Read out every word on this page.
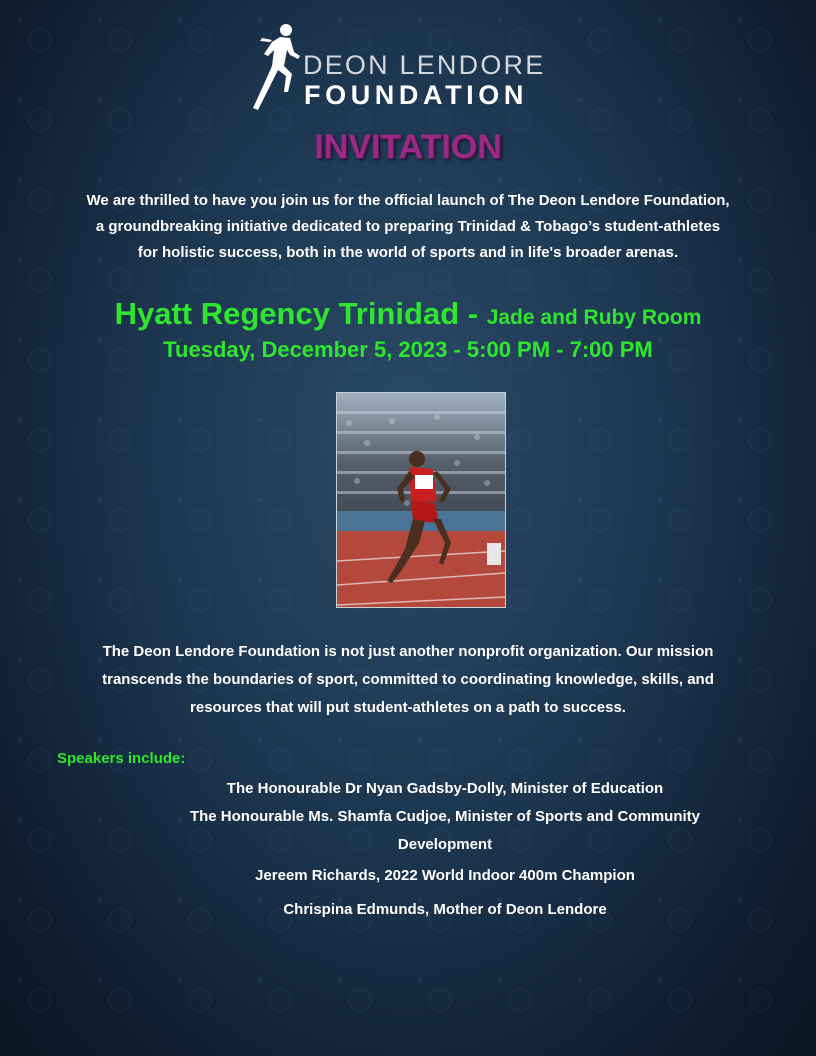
DEON LENDORE
FOUNDATION
INVITATION
We are thrilled to have you join us for the official launch of The Deon Lendore Foundation,
a groundbreaking initiative dedicated to preparing Trinidad & Tobago’s student-athletes
for holistic success, both in the world of sports and in life's broader arenas.
Hyatt Regency Trinidad - Jade and Ruby Room
Tuesday, December 5, 2023 - 5:00 PM - 7:00 PM
The Deon Lendore Foundation is not just another nonprofit organization. Our mission
transcends the boundaries of sport, committed to coordinating knowledge, skills, and
resources that will put student-athletes on a path to success.
Speakers include:
The Honourable Dr Nyan Gadsby-Dolly, Minister of Education
The Honourable Ms. Shamfa Cudjoe, Minister of Sports and Community
Development
Jereem Richards, 2022 World Indoor 400m Champion
Chrispina Edmunds, Mother of Deon Lendore
